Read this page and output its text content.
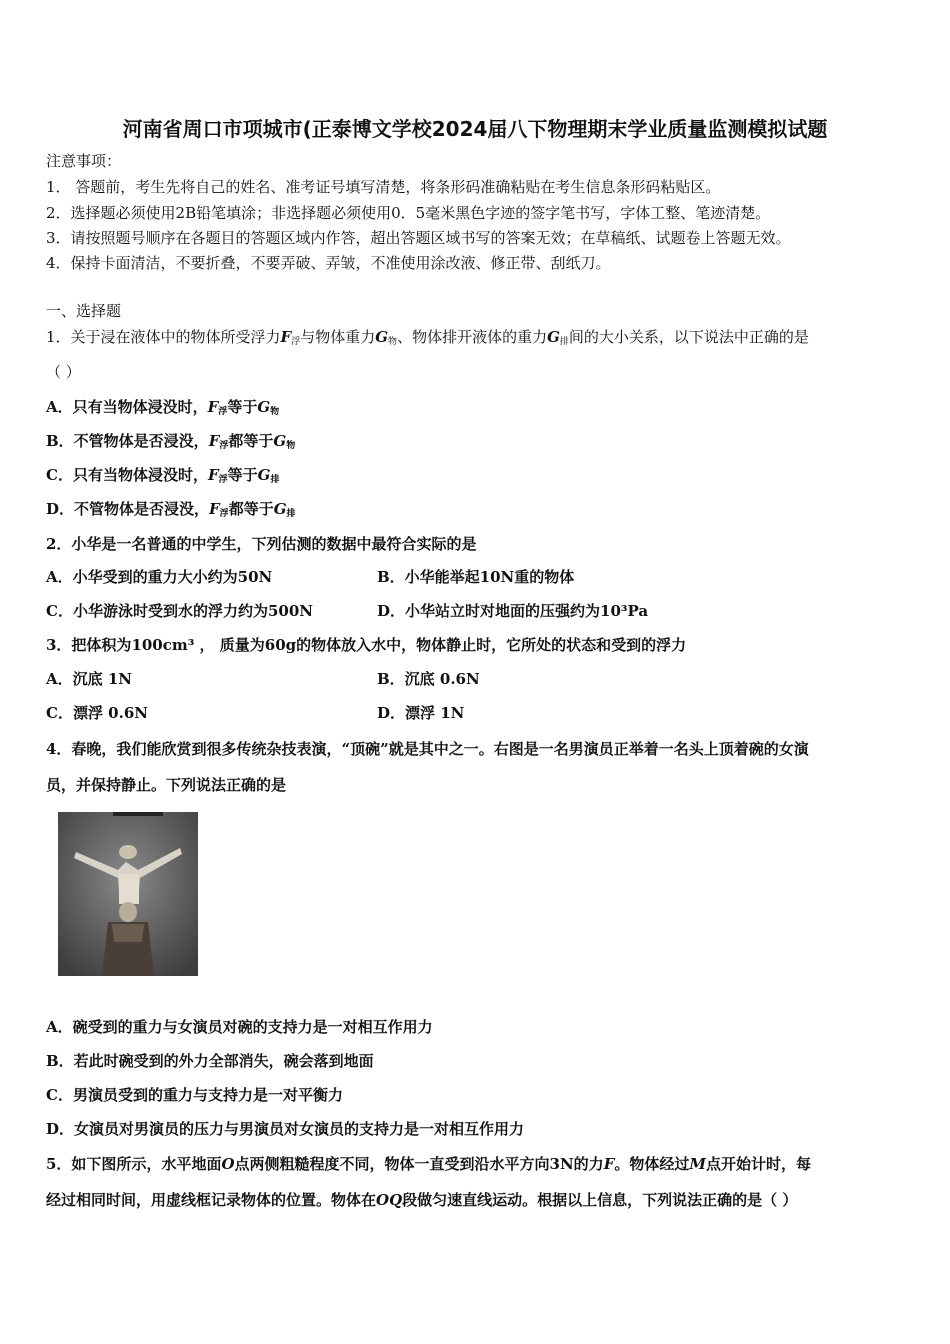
河南省周口市项城市(正泰博文学校2024届八下物理期末学业质量监测模拟试题
注意事项：
1． 答题前，考生先将自己的姓名、准考证号填写清楚，将条形码准确粘贴在考生信息条形码粘贴区。
2．选择题必须使用2B铅笔填涂；非选择题必须使用0．5毫米黑色字迹的签字笔书写，字体工整、笔迹清楚。
3．请按照题号顺序在各题目的答题区域内作答，超出答题区域书写的答案无效；在草稿纸、试题卷上答题无效。
4．保持卡面清洁，不要折叠，不要弄破、弄皱，不准使用涂改液、修正带、刮纸刀。
一、选择题
1．关于浸在液体中的物体所受浮力$F_浮$与物体重力$G_物$、物体排开液体的重力$G_排$间的大小关系，以下说法中正确的是
（ ）
A．只有当物体浸没时，$F_浮$等于$G_物$
B．不管物体是否浸没，$F_浮$都等于$G_物$
C．只有当物体浸没时，$F_浮$等于$G_排$
D．不管物体是否浸没，$F_浮$都等于$G_排$
2．小华是一名普通的中学生，下列估测的数据中最符合实际的是
A．小华受到的重力大小约为50N	B．小华能举起10N重的物体
C．小华游泳时受到水的浮力约为500N	D．小华站立时对地面的压强约为10³Pa
3．把体积为100cm³ ， 质量为60g的物体放入水中，物体静止时，它所处的状态和受到的浮力
A．沉底 1N	B．沉底 0.6N
C．漂浮 0.6N	D．漂浮 1N
4．春晚，我们能欣赏到很多传统杂技表演，“顶碗”就是其中之一。右图是一名男演员正举着一名头上顶着碗的女演
员，并保持静止。下列说法正确的是
A．碗受到的重力与女演员对碗的支持力是一对相互作用力
B．若此时碗受到的外力全部消失，碗会落到地面
C．男演员受到的重力与支持力是一对平衡力
D．女演员对男演员的压力与男演员对女演员的支持力是一对相互作用力
5．如下图所示，水平地面O点两侧粗糙程度不同，物体一直受到沿水平方向3N的力F。物体经过M点开始计时，每
经过相同时间，用虚线框记录物体的位置。物体在OQ段做匀速直线运动。根据以上信息，下列说法正确的是（ ）
